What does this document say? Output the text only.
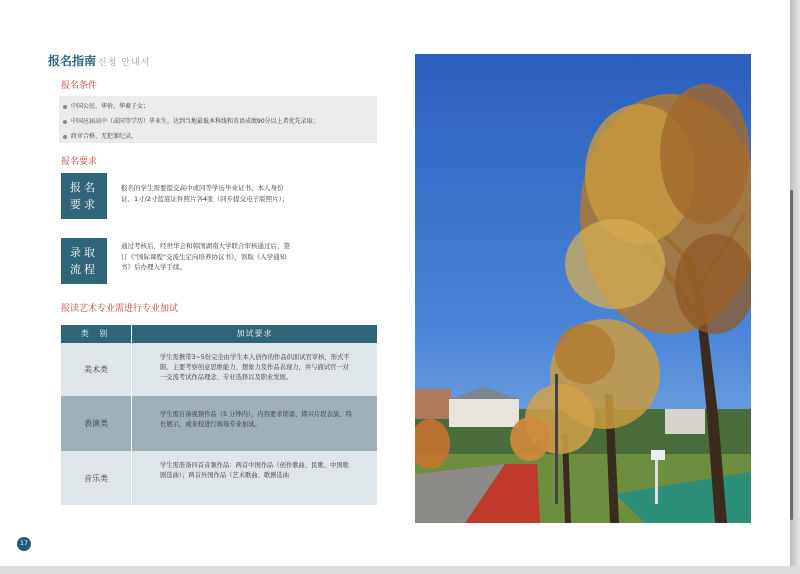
报名指南 신청 안내서
报名条件
中国公民、华侨、华裔子女；
中国应届高中（或同等学历）毕业生，达到当地最低本科线和英语成绩90分以上者优先录取；
政审合格、无犯罪纪录。
报名要求
报名
要求
报名的学生需要提交高中或同等学历毕业证书、本人身份证、1寸/2寸蓝底证件照片各4张（同步提交电子版照片）；
录取
流程
通过考核后，经世华会和韩国湖南大学联合审核通过后，签订《"国际课程"交流生定向培养协议书》，领取《入学通知书》后办理入学手续。
报读艺术专业需进行专业加试
类 别	加试要求
美术类
学生需携带3~5份完全由学生本人创作的作品供面试官审核，形式不限。主要考察创意思维能力、想象力及作品表现力，并与面试官一对一交流考试作品理念、专业选择以及职业发展。
表演类
学生需自备视频作品（5 分钟内），内容要求朗诵、即兴片段表演、特长展示，或来校进行现场专业加试。
音乐类
学生需准备四首音频作品：两首中国作品（创作歌曲、民歌、中国歌剧选曲）；两首外国作品（艺术歌曲、歌剧选曲
17
